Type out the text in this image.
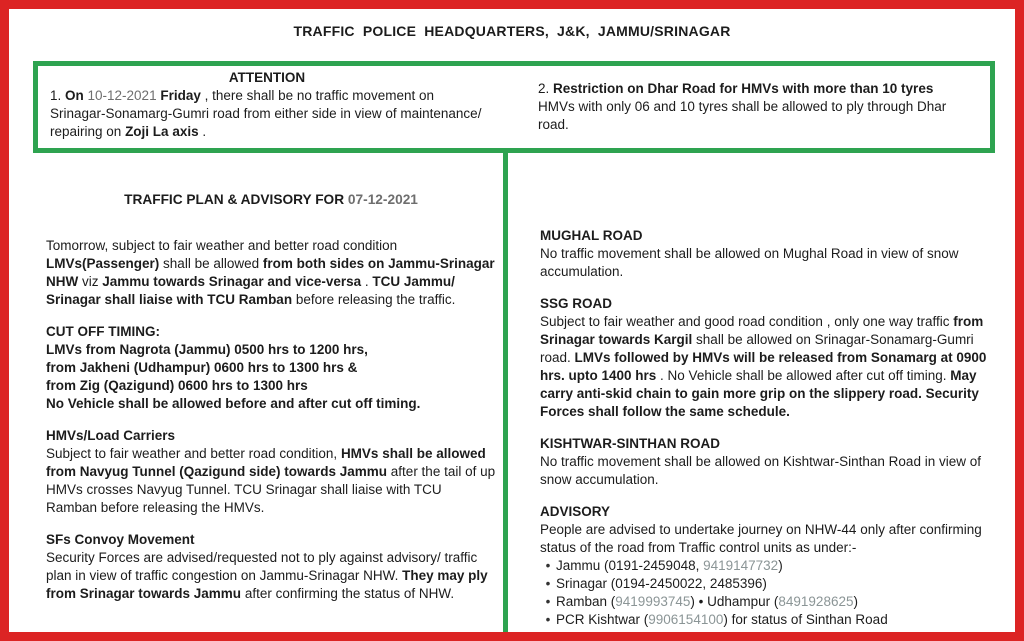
TRAFFIC POLICE HEADQUARTERS, J&K, JAMMU/SRINAGAR
ATTENTION
1. On 10-12-2021 Friday , there shall be no traffic movement on Srinagar-Sonamarg-Gumri road from either side in view of maintenance/ repairing on Zoji La axis .
2. Restriction on Dhar Road for HMVs with more than 10 tyres
HMVs with only 06 and 10 tyres shall be allowed to ply through Dhar road.
TRAFFIC PLAN & ADVISORY FOR 07-12-2021

Tomorrow, subject to fair weather and better road condition LMVs(Passenger) shall be allowed from both sides on Jammu-Srinagar NHW viz Jammu towards Srinagar and vice-versa . TCU Jammu/ Srinagar shall liaise with TCU Ramban before releasing the traffic.

CUT OFF TIMING:
LMVs from Nagrota (Jammu) 0500 hrs to 1200 hrs,
from Jakheni (Udhampur) 0600 hrs to 1300 hrs &
from Zig (Qazigund) 0600 hrs to 1300 hrs
No Vehicle shall be allowed before and after cut off timing.
HMVs/Load Carriers

Subject to fair weather and better road condition, HMVs shall be allowed from Navyug Tunnel (Qazigund side) towards Jammu after the tail of up HMVs crosses Navyug Tunnel. TCU Srinagar shall liaise with TCU Ramban before releasing the HMVs.

SFs Convoy Movement

Security Forces are advised/requested not to ply against advisory/ traffic plan in view of traffic congestion on Jammu-Srinagar NHW. They may ply from Srinagar towards Jammu after confirming the status of NHW.

MUGHAL ROAD

No traffic movement shall be allowed on Mughal Road in view of snow accumulation.

SSG ROAD

Subject to fair weather and good road condition , only one way traffic from Srinagar towards Kargil shall be allowed on Srinagar-Sonamarg-Gumri road. LMVs followed by HMVs will be released from Sonamarg at 0900 hrs. upto 1400 hrs . No Vehicle shall be allowed after cut off timing. May carry anti-skid chain to gain more grip on the slippery road. Security Forces shall follow the same schedule.

KISHTWAR-SINTHAN ROAD

No traffic movement shall be allowed on Kishtwar-Sinthan Road in view of snow accumulation.

ADVISORY
People are advised to undertake journey on NHW-44 only after confirming status of the road from Traffic control units as under:-
• Jammu (0191-2459048, 9419147732)
• Srinagar (0194-2450022, 2485396)
• Ramban (9419993745) • Udhampur (8491928625)
• PCR Kishtwar (9906154100) for status of Sinthan Road
